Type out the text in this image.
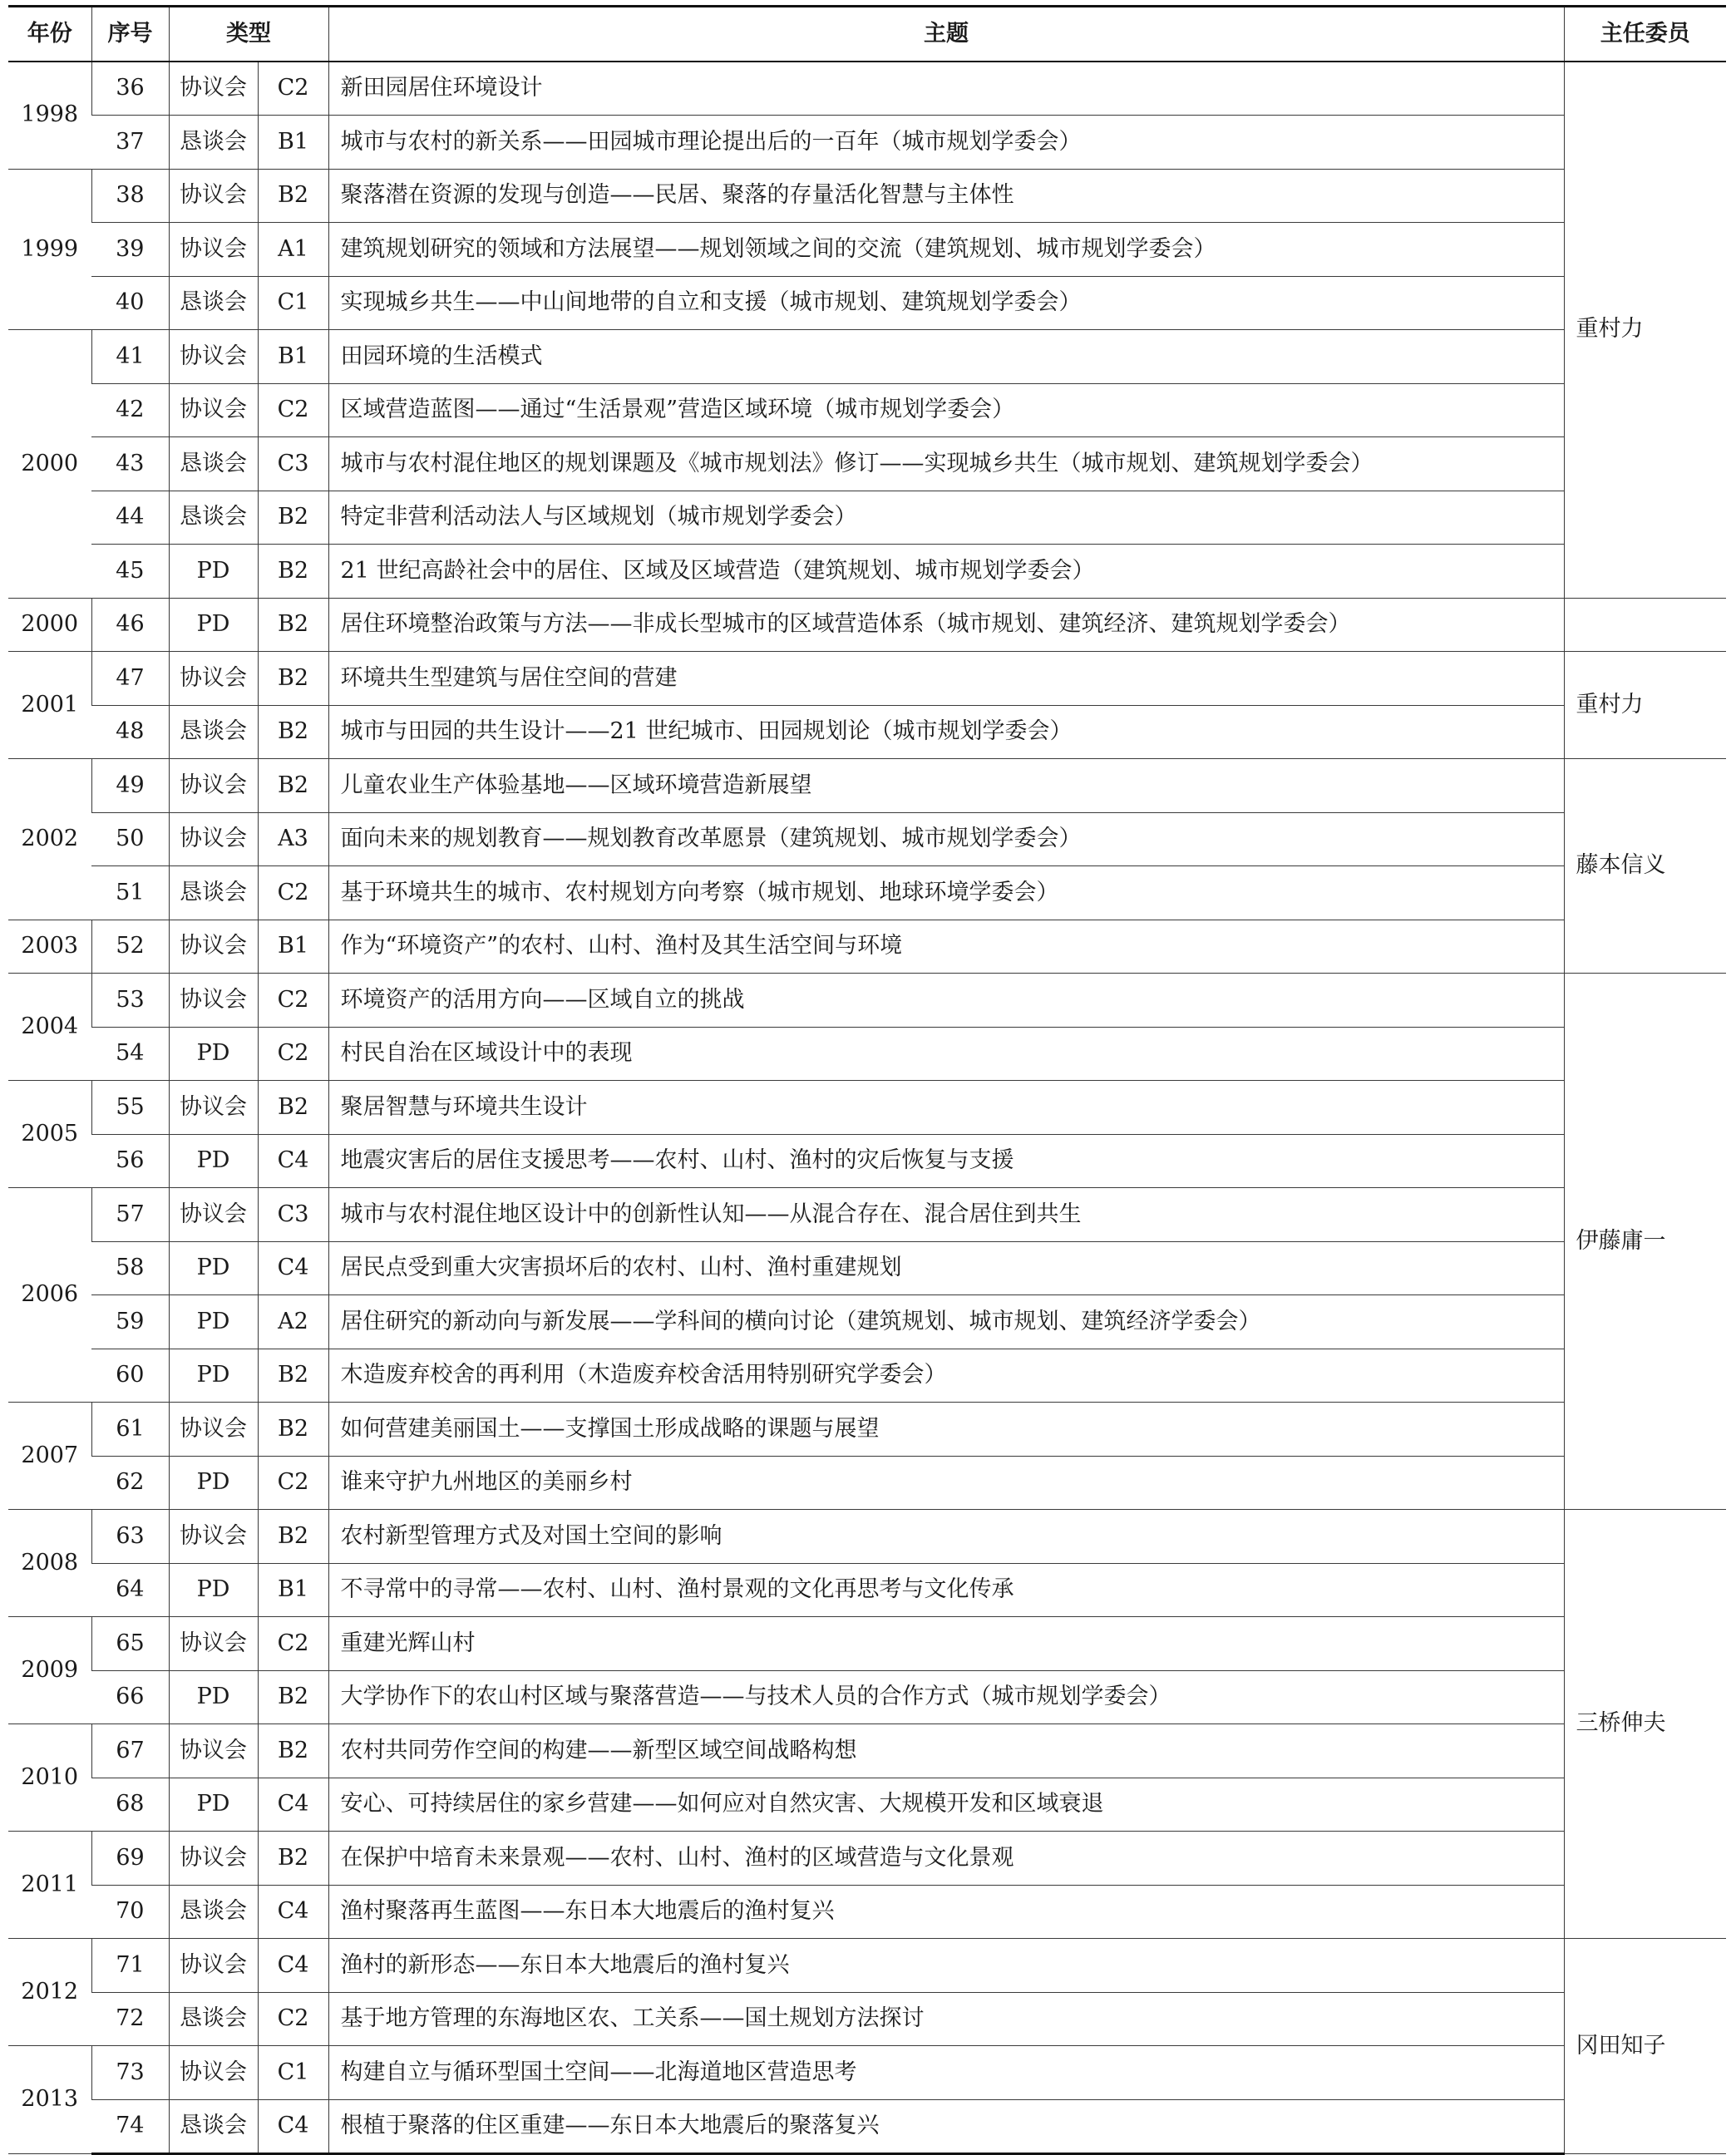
年份	序号	类型		主题	主任委员
1998	36	协议会	C2	新田园居住环境设计	重村力
	37	恳谈会	B1	城市与农村的新关系——田园城市理论提出后的一百年（城市规划学委会）	
1999	38	协议会	B2	聚落潜在资源的发现与创造——民居、聚落的存量活化智慧与主体性	
	39	协议会	A1	建筑规划研究的领域和方法展望——规划领域之间的交流（建筑规划、城市规划学委会）	
	40	恳谈会	C1	实现城乡共生——中山间地带的自立和支援（城市规划、建筑规划学委会）	
2000	41	协议会	B1	田园环境的生活模式	
	42	协议会	C2	区域营造蓝图——通过“生活景观”营造区域环境（城市规划学委会）	
	43	恳谈会	C3	城市与农村混住地区的规划课题及《城市规划法》修订——实现城乡共生（城市规划、建筑规划学委会）	
	44	恳谈会	B2	特定非营利活动法人与区域规划（城市规划学委会）	
	45	PD	B2	21 世纪高龄社会中的居住、区域及区域营造（建筑规划、城市规划学委会）	
2000	46	PD	B2	居住环境整治政策与方法——非成长型城市的区域营造体系（城市规划、建筑经济、建筑规划学委会）	
2001	47	协议会	B2	环境共生型建筑与居住空间的营建	重村力
	48	恳谈会	B2	城市与田园的共生设计——21 世纪城市、田园规划论（城市规划学委会）	
2002	49	协议会	B2	儿童农业生产体验基地——区域环境营造新展望	藤本信义
	50	协议会	A3	面向未来的规划教育——规划教育改革愿景（建筑规划、城市规划学委会）	
	51	恳谈会	C2	基于环境共生的城市、农村规划方向考察（城市规划、地球环境学委会）	
2003	52	协议会	B1	作为“环境资产”的农村、山村、渔村及其生活空间与环境	
2004	53	协议会	C2	环境资产的活用方向——区域自立的挑战	伊藤庸一
	54	PD	C2	村民自治在区域设计中的表现	
2005	55	协议会	B2	聚居智慧与环境共生设计	
	56	PD	C4	地震灾害后的居住支援思考——农村、山村、渔村的灾后恢复与支援	
2006	57	协议会	C3	城市与农村混住地区设计中的创新性认知——从混合存在、混合居住到共生	
	58	PD	C4	居民点受到重大灾害损坏后的农村、山村、渔村重建规划	
	59	PD	A2	居住研究的新动向与新发展——学科间的横向讨论（建筑规划、城市规划、建筑经济学委会）	
	60	PD	B2	木造废弃校舍的再利用（木造废弃校舍活用特别研究学委会）	
2007	61	协议会	B2	如何营建美丽国土——支撑国土形成战略的课题与展望	
	62	PD	C2	谁来守护九州地区的美丽乡村	
2008	63	协议会	B2	农村新型管理方式及对国土空间的影响	三桥伸夫
	64	PD	B1	不寻常中的寻常——农村、山村、渔村景观的文化再思考与文化传承	
2009	65	协议会	C2	重建光辉山村	
	66	PD	B2	大学协作下的农山村区域与聚落营造——与技术人员的合作方式（城市规划学委会）	
2010	67	协议会	B2	农村共同劳作空间的构建——新型区域空间战略构想	
	68	PD	C4	安心、可持续居住的家乡营建——如何应对自然灾害、大规模开发和区域衰退	
2011	69	协议会	B2	在保护中培育未来景观——农村、山村、渔村的区域营造与文化景观	
	70	恳谈会	C4	渔村聚落再生蓝图——东日本大地震后的渔村复兴	
2012	71	协议会	C4	渔村的新形态——东日本大地震后的渔村复兴	冈田知子
	72	恳谈会	C2	基于地方管理的东海地区农、工关系——国土规划方法探讨	
2013	73	协议会	C1	构建自立与循环型国土空间——北海道地区营造思考	
	74	恳谈会	C4	根植于聚落的住区重建——东日本大地震后的聚落复兴	
